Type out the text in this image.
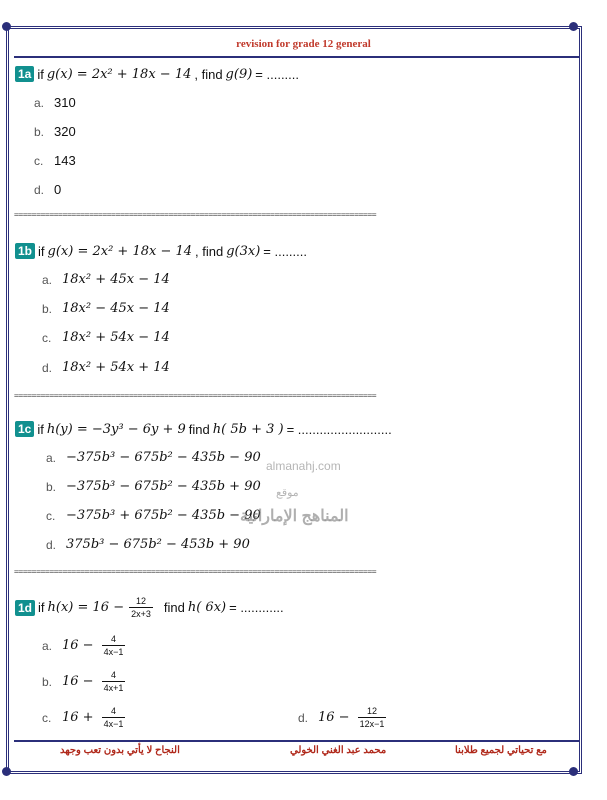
revision for grade 12 general
1a if g(x) = 2x² + 18x − 14 , find g(9) = .........
a. 310
b. 320
c. 143
d. 0
==================================================================================
1b if g(x) = 2x² + 18x − 14 , find g(3x) = .........
a. 18x² + 45x − 14
b. 18x² − 45x − 14
c. 18x² + 54x − 14
d. 18x² + 54x + 14
==================================================================================
1c if h(y) = −3y³ − 6y + 9 find h( 5b + 3 ) = ..........................
a. −375b³ − 675b² − 435b − 90
b. −375b³ − 675b² − 435b + 90
c. −375b³ + 675b² − 435b − 90
d. 375b³ − 675b² − 453b + 90
almanahj.com
موقع
المناهج الإماراتية
==================================================================================
1d if $h(x) = 16 - \frac{12}{2x+3}$ find h( 6x) = ............
a. $16 - \frac{4}{4x-1}$
b. $16 - \frac{4}{4x+1}$
c. $16 + \frac{4}{4x-1}$	d. $16 - \frac{12}{12x-1}$
النجاح لا يأتي بدون تعب وجهد	محمد عبد الغني الخولي	مع تحياتي لجميع طلابنا
